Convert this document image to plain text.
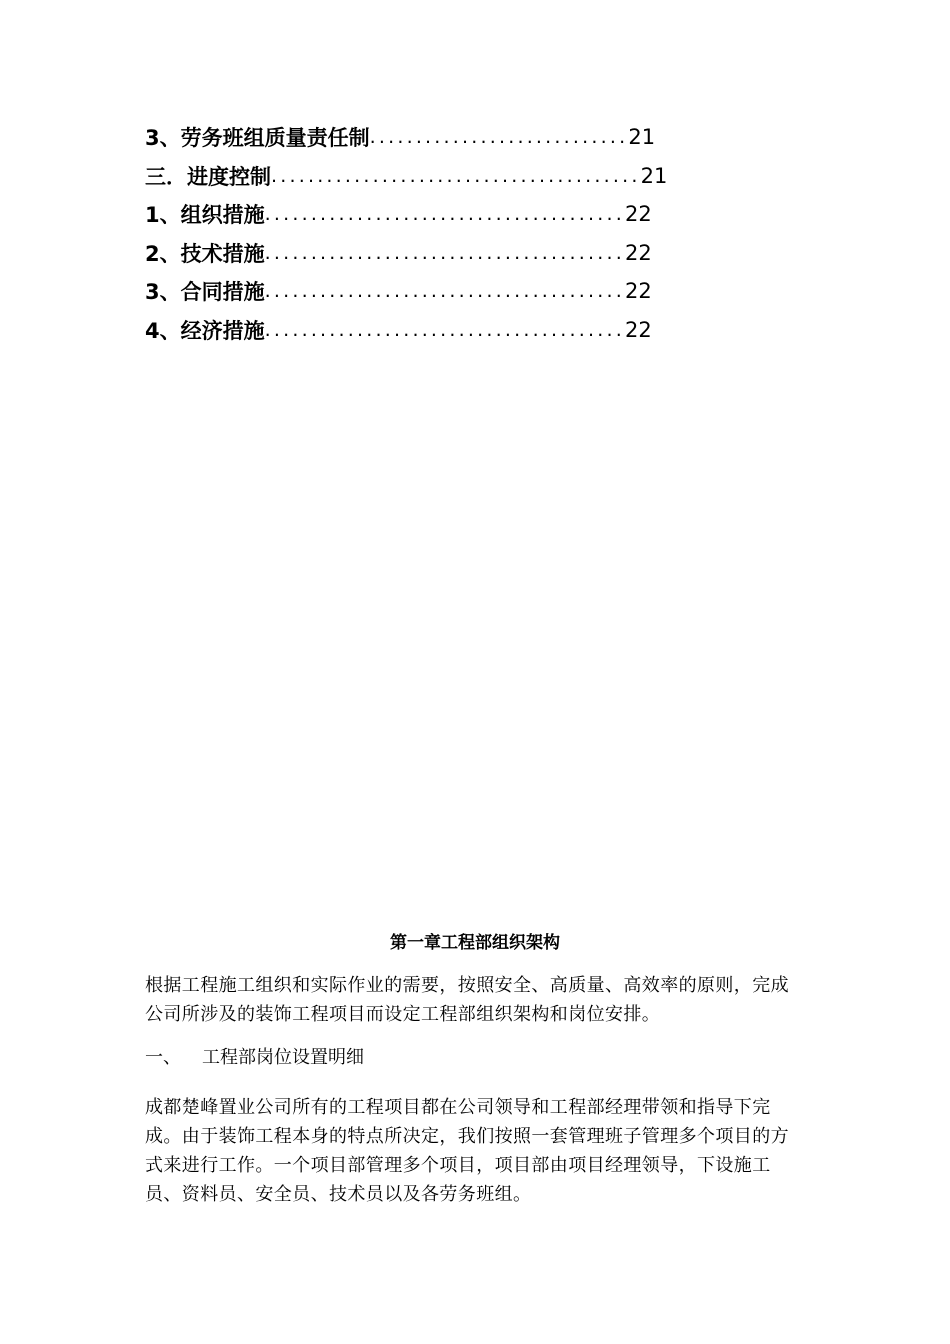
3、劳务班组质量责任制 ............................ 21
三．进度控制 ........................................ 21
1、组织措施 ....................................... 22
2、技术措施 ....................................... 22
3、合同措施 ....................................... 22
4、经济措施 ....................................... 22
第一章工程部组织架构
根据工程施工组织和实际作业的需要，按照安全、高质量、高效率的原则，完成公司所涉及的装饰工程项目而设定工程部组织架构和岗位安排。
一、 工程部岗位设置明细
成都楚峰置业公司所有的工程项目都在公司领导和工程部经理带领和指导下完成。由于装饰工程本身的特点所决定，我们按照一套管理班子管理多个项目的方式来进行工作。一个项目部管理多个项目，项目部由项目经理领导，下设施工员、资料员、安全员、技术员以及各劳务班组。
